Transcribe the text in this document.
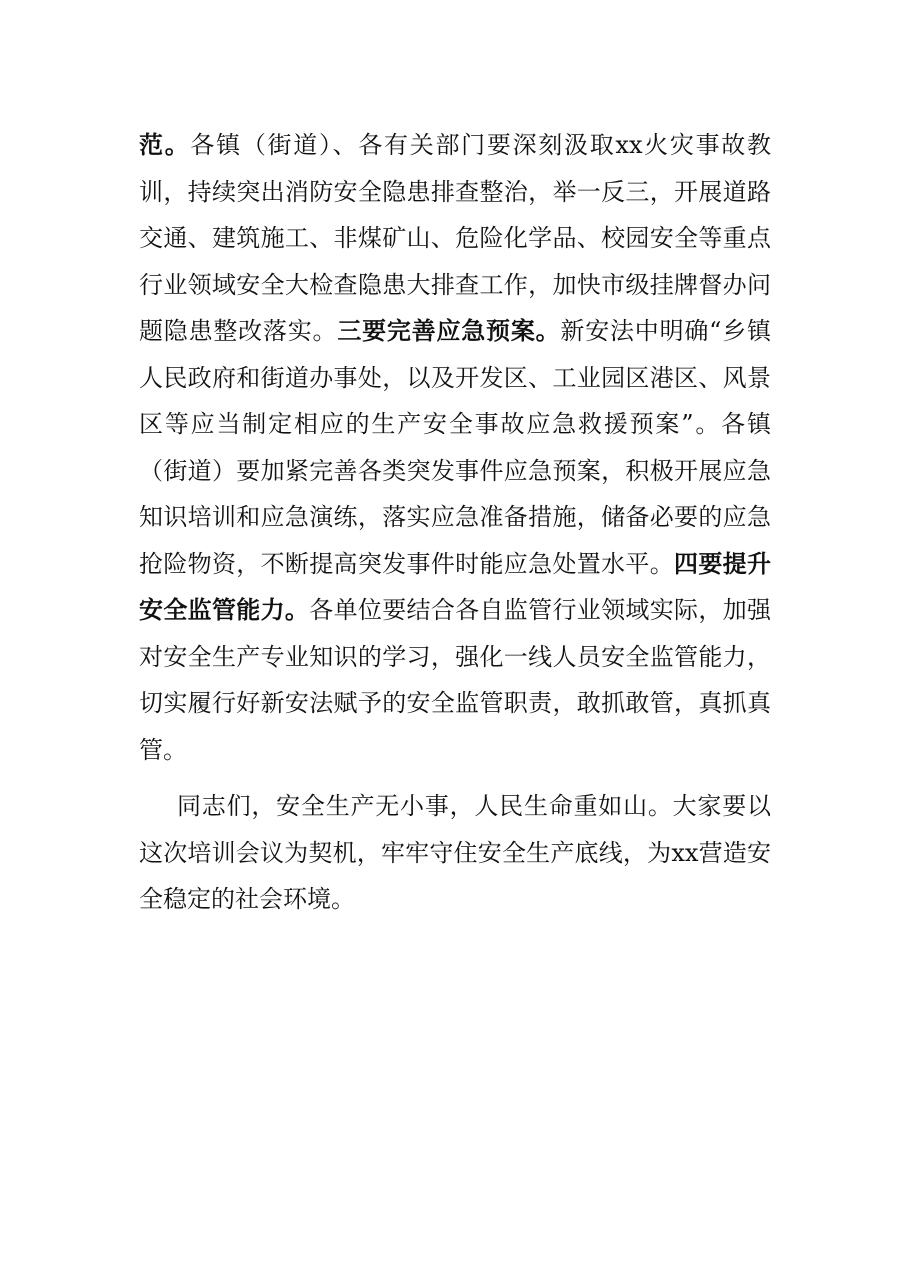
范。各镇（街道）、各有关部门要深刻汲取xx火灾事故教训，持续突出消防安全隐患排查整治，举一反三，开展道路交通、建筑施工、非煤矿山、危险化学品、校园安全等重点行业领域安全大检查隐患大排查工作，加快市级挂牌督办问题隐患整改落实。三要完善应急预案。新安法中明确“乡镇人民政府和街道办事处，以及开发区、工业园区港区、风景区等应当制定相应的生产安全事故应急救援预案”。各镇（街道）要加紧完善各类突发事件应急预案，积极开展应急知识培训和应急演练，落实应急准备措施，储备必要的应急抢险物资，不断提高突发事件时能应急处置水平。四要提升安全监管能力。各单位要结合各自监管行业领域实际，加强对安全生产专业知识的学习，强化一线人员安全监管能力，切实履行好新安法赋予的安全监管职责，敢抓敢管，真抓真管。

同志们，安全生产无小事，人民生命重如山。大家要以这次培训会议为契机，牢牢守住安全生产底线，为xx营造安全稳定的社会环境。
